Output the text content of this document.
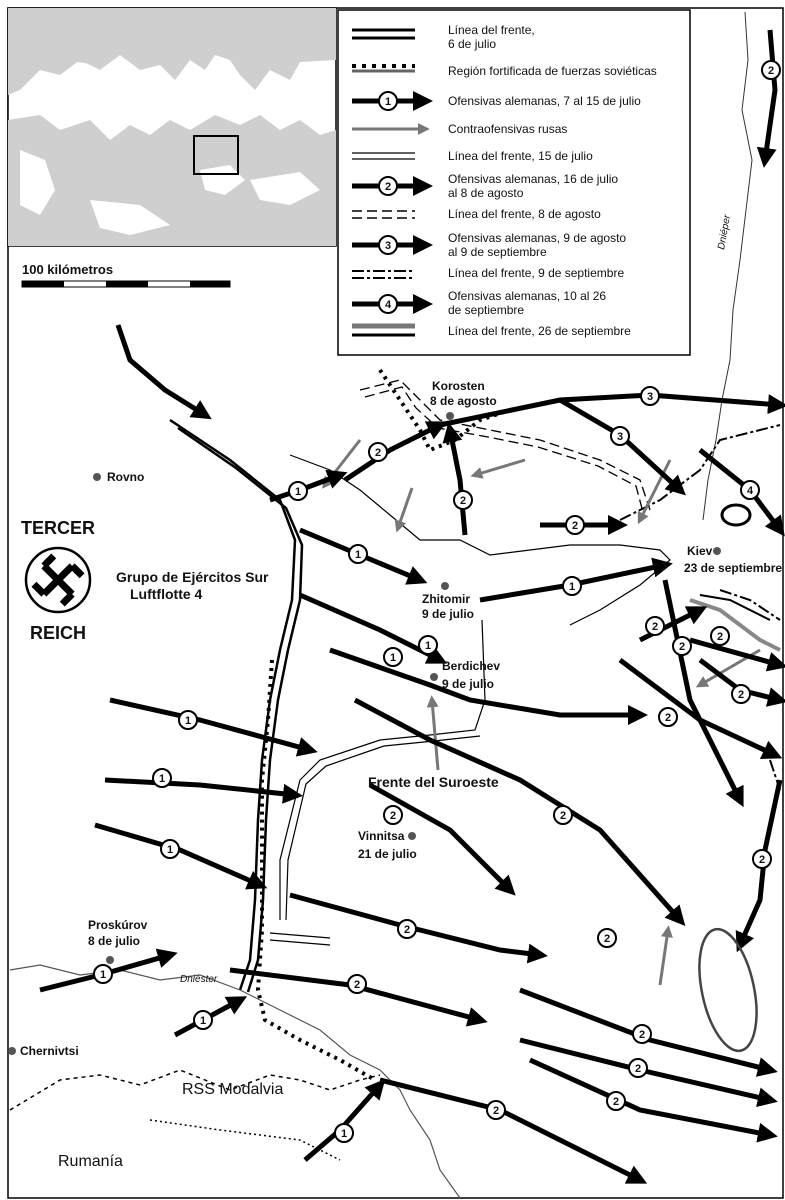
100 kilómetros
Línea del frente,
6 de julio
Región fortificada de fuerzas soviéticas
1	Ofensivas alemanas, 7 al 15 de julio
Contraofensivas rusas
Línea del frente, 15 de julio
2
Ofensivas alemanas, 16 de julio
al 8 de agosto
Línea del frente, 8 de agosto
3
Ofensivas alemanas, 9 de agosto
al 9 de septiembre
Línea del frente, 9 de septiembre
4
Ofensivas alemanas, 10 al 26
de septiembre
Línea del frente, 26 de septiembre
Dniéper
Dniéster
1
2
2
2
1
3
3
4
1
1
1
2
2
2
2
2
1
1
1
2	2
2
2
2
1
2
1
2
2
2
2
1
2
Rovno
Korosten
8 de agosto
Zhitomir
9 de julio
Berdichev
9 de julio
Kiev
23 de septiembre
Vinnitsa
21 de julio
Proskúrov
8 de julio
Chernivtsi
TERCER
REICH
Grupo de Ejércitos Sur
Luftflotte 4
Frente del Suroeste
RSS Modalvia
Rumanía
